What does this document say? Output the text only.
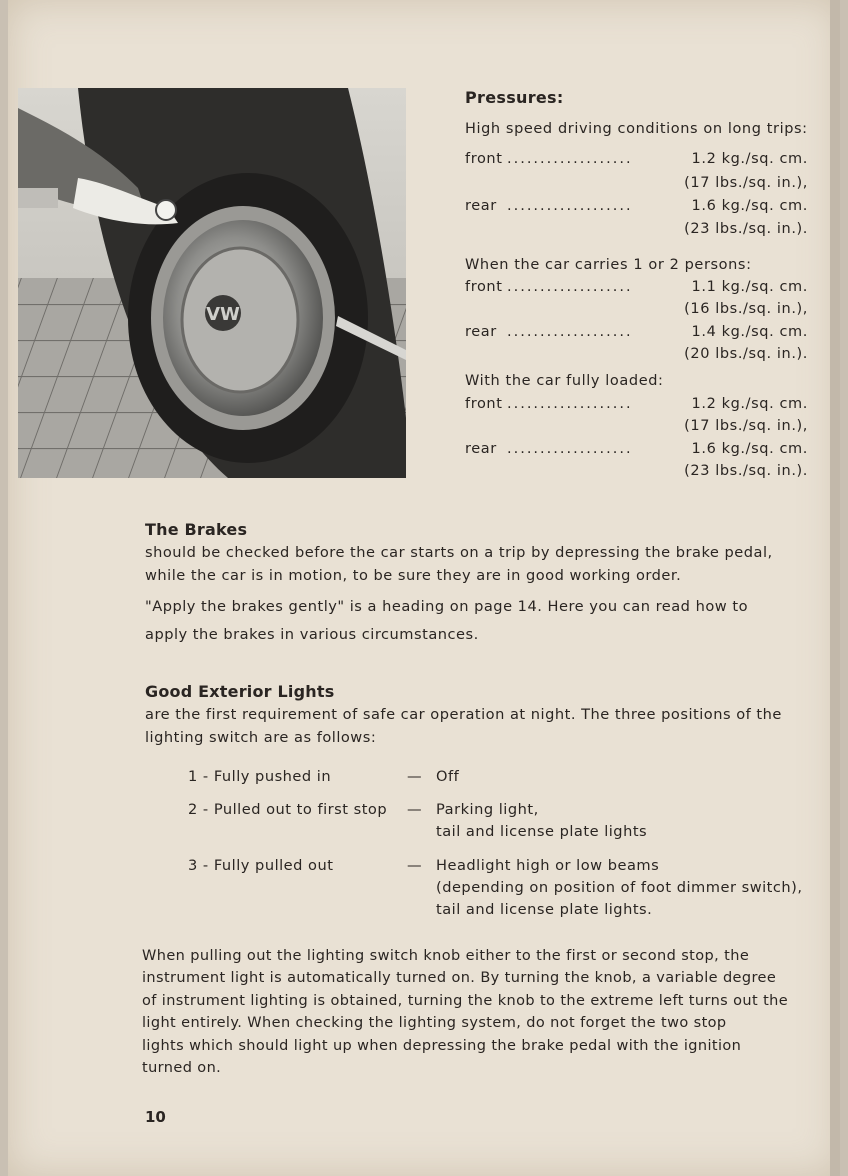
VW
Pressures:
High speed driving conditions on long trips:
front ...................	1.2 kg./sq. cm.
(17 lbs./sq. in.),
rear ...................	1.6 kg./sq. cm.
(23 lbs./sq. in.).
When the car carries 1 or 2 persons:
front ...................	1.1 kg./sq. cm.
(16 lbs./sq. in.),
rear ...................	1.4 kg./sq. cm.
(20 lbs./sq. in.).
With the car fully loaded:
front ...................	1.2 kg./sq. cm.
(17 lbs./sq. in.),
rear ...................	1.6 kg./sq. cm.
(23 lbs./sq. in.).
The Brakes
should be checked before the car starts on a trip by depressing the brake pedal,
while the car is in motion, to be sure they are in good working order.
"Apply the brakes gently" is a heading on page 14. Here you can read how to
apply the brakes in various circumstances.
Good Exterior Lights
are the first requirement of safe car operation at night. The three positions of the
lighting switch are as follows:
1 - Fully pushed in	— Off
2 - Pulled out to first stop — Parking light,
tail and license plate lights
3 - Fully pulled out	— Headlight high or low beams
(depending on position of foot dimmer switch),
tail and license plate lights.
When pulling out the lighting switch knob either to the first or second stop, the
instrument light is automatically turned on. By turning the knob, a variable degree
of instrument lighting is obtained, turning the knob to the extreme left turns out the
light entirely. When checking the lighting system, do not forget the two stop
lights which should light up when depressing the brake pedal with the ignition
turned on.
10
